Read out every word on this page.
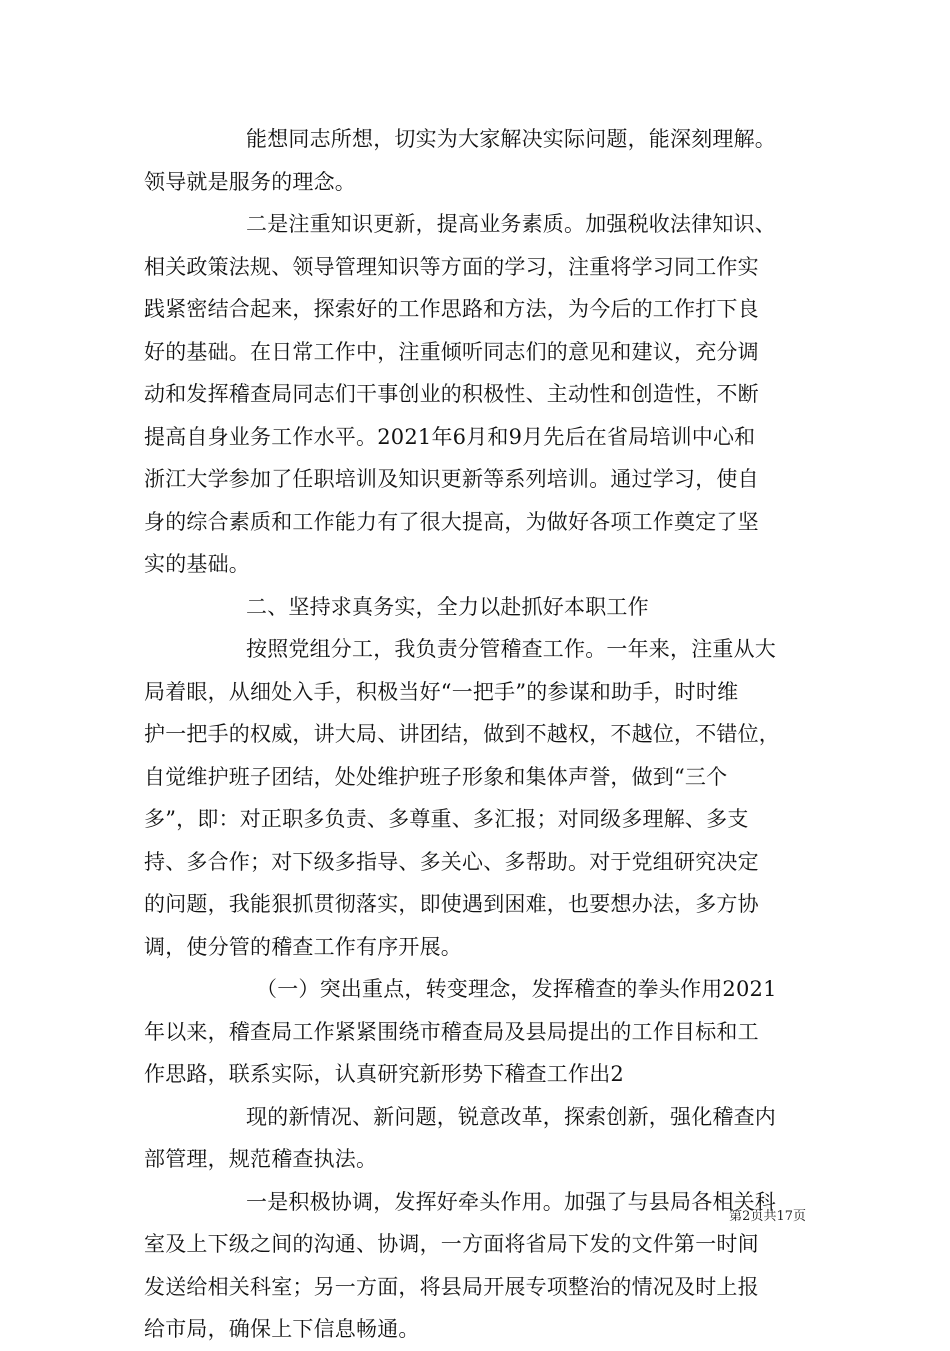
能想同志所想，切实为大家解决实际问题，能深刻理解。
领导就是服务的理念。
二是注重知识更新，提高业务素质。加强税收法律知识、
相关政策法规、领导管理知识等方面的学习，注重将学习同工作实
践紧密结合起来，探索好的工作思路和方法，为今后的工作打下良
好的基础。在日常工作中，注重倾听同志们的意见和建议，充分调
动和发挥稽查局同志们干事创业的积极性、主动性和创造性，不断
提高自身业务工作水平。2021年6月和9月先后在省局培训中心和
浙江大学参加了任职培训及知识更新等系列培训。通过学习，使自
身的综合素质和工作能力有了很大提高，为做好各项工作奠定了坚
实的基础。
二、坚持求真务实，全力以赴抓好本职工作
按照党组分工，我负责分管稽查工作。一年来，注重从大
局着眼，从细处入手，积极当好“一把手”的参谋和助手，时时维
护一把手的权威，讲大局、讲团结，做到不越权，不越位，不错位，
自觉维护班子团结，处处维护班子形象和集体声誉，做到“三个
多”，即：对正职多负责、多尊重、多汇报；对同级多理解、多支
持、多合作；对下级多指导、多关心、多帮助。对于党组研究决定
的问题，我能狠抓贯彻落实，即使遇到困难，也要想办法，多方协
调，使分管的稽查工作有序开展。
（一）突出重点，转变理念，发挥稽查的拳头作用2021
年以来，稽查局工作紧紧围绕市稽查局及县局提出的工作目标和工
作思路，联系实际，认真研究新形势下稽查工作出2
现的新情况、新问题，锐意改革，探索创新，强化稽查内
部管理，规范稽查执法。
一是积极协调，发挥好牵头作用。加强了与县局各相关科
室及上下级之间的沟通、协调，一方面将省局下发的文件第一时间
发送给相关科室；另一方面，将县局开展专项整治的情况及时上报
给市局，确保上下信息畅通。
第2页共17页
